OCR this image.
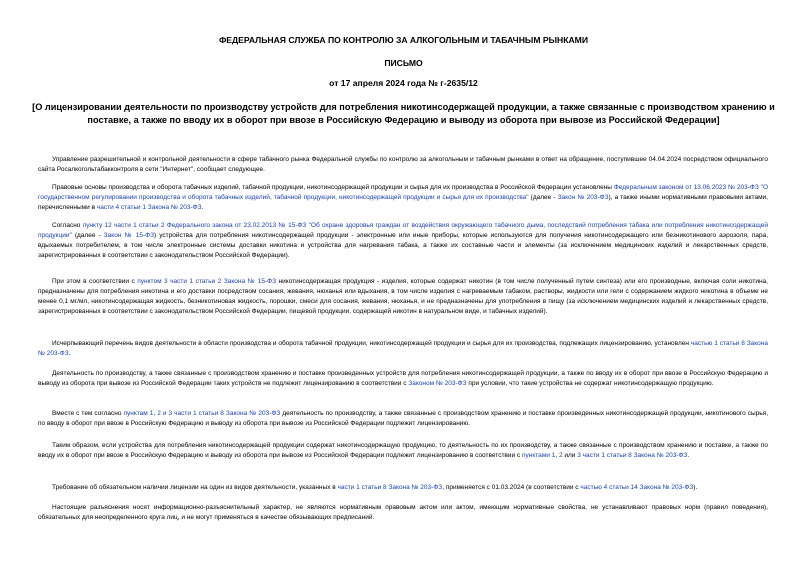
ФЕДЕРАЛЬНАЯ СЛУЖБА ПО КОНТРОЛЮ ЗА АЛКОГОЛЬНЫМ И ТАБАЧНЫМ РЫНКАМИ
ПИСЬМО
от 17 апреля 2024 года № г-2635/12
[О лицензировании деятельности по производству устройств для потребления никотинсодержащей продукции, а также связанные с производством хранению и поставке, а также по вводу их в оборот при ввозе в Российскую Федерацию и выводу из оборота при вывозе из Российской Федерации]

Управление разрешительной и контрольной деятельности в сфере табачного рынка Федеральной службы по контролю за алкогольным и табачным рынками в ответ на обращение, поступившее 04.04.2024 посредством официального сайта Росалкогольтабакконтроля в сети "Интернет", сообщает следующее.

Правовые основы производства и оборота табачных изделий, табачной продукции, никотинсодержащей продукции и сырья для их производства в Российской Федерации установлены Федеральным законом от 13.06.2023 № 203-ФЗ "О государственном регулировании производства и оборота табачных изделий, табачной продукции, никотинсодержащей продукции и сырья для их производства" (далее - Закон № 203-ФЗ), а также иными нормативными правовыми актами, перечисленными в части 4 статьи 1 Закона № 203-ФЗ.

Согласно пункту 12 части 1 статьи 2 Федерального закона от 23.02.2013 № 15-ФЗ "Об охране здоровья граждан от воздействия окружающего табачного дыма, последствий потребления табака или потребления никотинсодержащей продукции" (далее - Закон № 15-ФЗ) устройства для потребления никотинсодержащей продукции - электронные или иные приборы, которые используются для получения никотинсодержащего или безникотинового аэрозоля, пара, вдыхаемых потребителем, в том числе электронные системы доставки никотина и устройства для нагревания табака, а также их составные части и элементы (за исключением медицинских изделий и лекарственных средств, зарегистрированных в соответствии с законодательством Российской Федерации).

При этом в соответствии с пунктом 3 части 1 статьи 2 Закона № 15-ФЗ никотинсодержащая продукция - изделия, которые содержат никотин (в том числе полученный путем синтеза) или его производные, включая соли никотина, предназначены для потребления никотина и его доставки посредством сосания, жевания, нюханья или вдыхания, в том числе изделия с нагреваемым табаком, растворы, жидкости или гели с содержанием жидкого никотина в объеме не менее 0,1 мг/мл, никотинсодержащая жидкость, безникотиновая жидкость, порошки, смеси для сосания, жевания, нюханья, и не предназначены для употребления в пищу (за исключением медицинских изделий и лекарственных средств, зарегистрированных в соответствии с законодательством Российской Федерации, пищевой продукции, содержащей никотин в натуральном виде, и табачных изделий).

Исчерпывающий перечень видов деятельности в области производства и оборота табачной продукции, никотинсодержащей продукции и сырья для их производства, подлежащих лицензированию, установлен частью 1 статьи 8 Закона № 203-ФЗ.

Деятельность по производству, а также связанные с производством хранению и поставке произведенных устройств для потребления никотинсодержащей продукции, а также по вводу их в оборот при ввозе в Российскую Федерацию и выводу из оборота при вывозе из Российской Федерации таких устройств не подлежит лицензированию в соответствии с Законом № 203-ФЗ при условии, что такие устройства не содержат никотинсодержащую продукцию.

Вместе с тем согласно пунктам 1, 2 и 3 части 1 статьи 8 Закона № 203-ФЗ деятельность по производству, а также связанные с производством хранению и поставке произведенных никотинсодержащей продукции, никотинового сырья, по вводу в оборот при ввозе в Российскую Федерацию и выводу из оборота при вывозе из Российской Федерации подлежит лицензированию.

Таким образом, если устройства для потребления никотинсодержащей продукции содержат никотинсодержащую продукцию, то деятельность по их производству, а также связанные с производством хранению и поставке, а также по вводу их в оборот при ввозе в Российскую Федерацию и выводу из оборота при вывозе из Российской Федерации подлежит лицензированию в соответствии с пунктами 1, 2 или 3 части 1 статьи 8 Закона № 203-ФЗ.

Требование об обязательном наличии лицензии на один из видов деятельности, указанных в части 1 статьи 8 Закона № 203-ФЗ, применяется с 01.03.2024 (в соответствии с частью 4 статьи 14 Закона № 203-ФЗ).

Настоящие разъяснения носят информационно-разъяснительный характер, не являются нормативным правовым актом или актом, имеющим нормативные свойства, не устанавливают правовых норм (правил поведения), обязательных для неопределенного круга лиц, и не могут применяться в качестве обязывающих предписаний.
